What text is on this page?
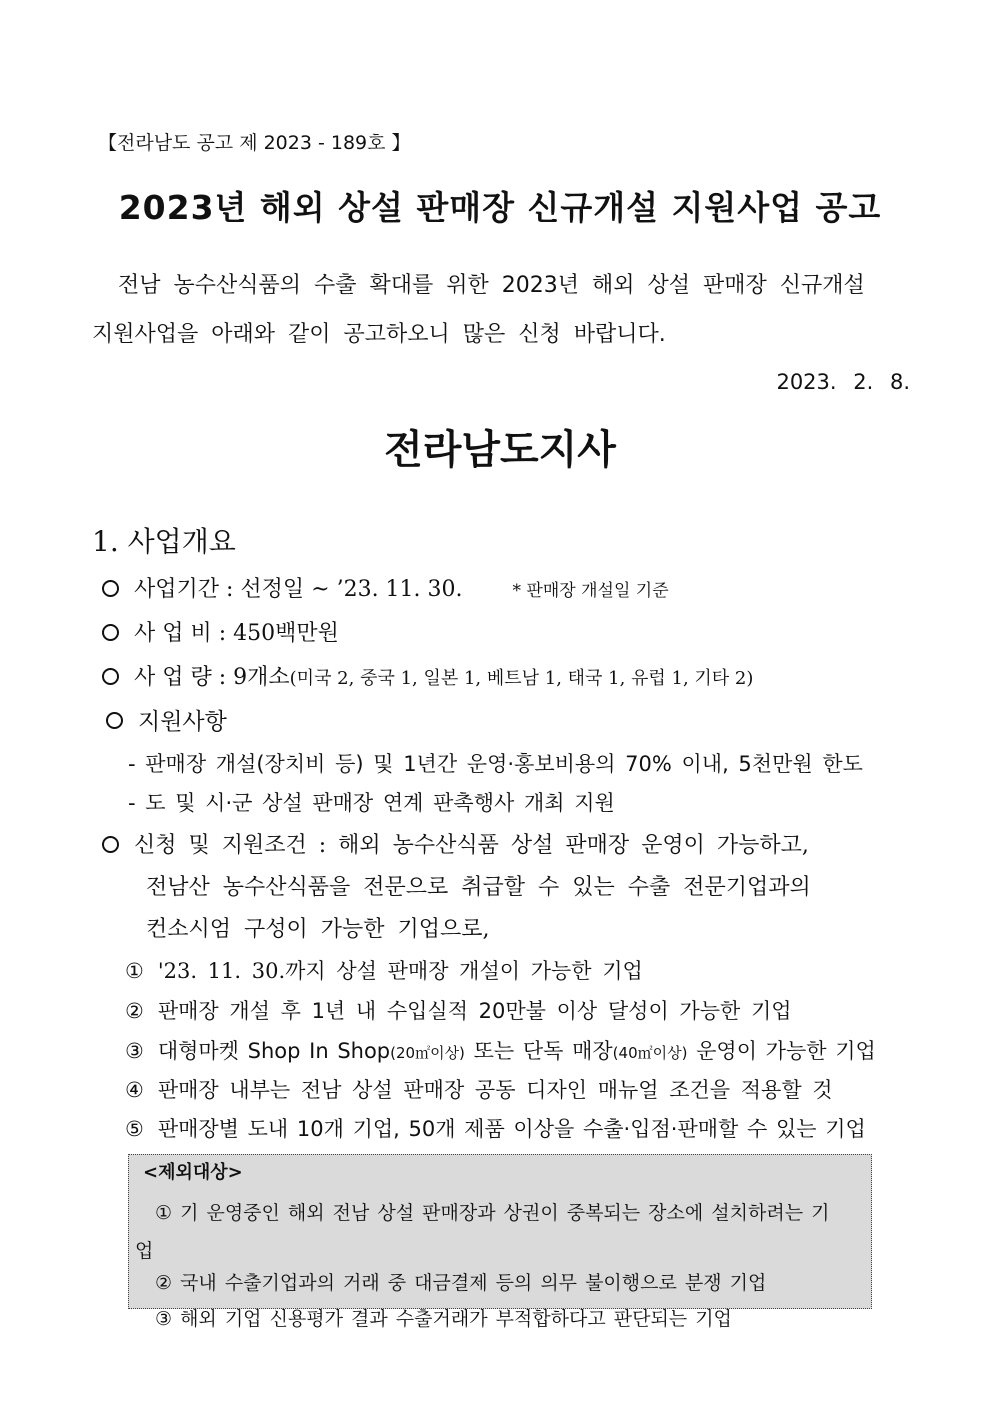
【전라남도 공고 제 2023 - 189호 】
2023년 해외 상설 판매장 신규개설 지원사업 공고
전남 농수산식품의 수출 확대를 위한 2023년 해외 상설 판매장 신규개설
지원사업을 아래와 같이 공고하오니 많은 신청 바랍니다.
2023. 2. 8.
전라남도지사
1. 사업개요
사업기간 : 선정일 ~ ’23. 11. 30.	* 판매장 개설일 기준
사 업 비 : 450백만원
사 업 량 : 9개소(미국 2, 중국 1, 일본 1, 베트남 1, 태국 1, 유럽 1, 기타 2)
지원사항
- 판매장 개설(장치비 등) 및 1년간 운영·홍보비용의 70% 이내, 5천만원 한도
- 도 및 시·군 상설 판매장 연계 판촉행사 개최 지원
신청 및 지원조건 : 해외 농수산식품 상설 판매장 운영이 가능하고,
전남산 농수산식품을 전문으로 취급할 수 있는 수출 전문기업과의
컨소시엄 구성이 가능한 기업으로,
① '23. 11. 30.까지 상설 판매장 개설이 가능한 기업
② 판매장 개설 후 1년 내 수입실적 20만불 이상 달성이 가능한 기업
③ 대형마켓 Shop In Shop(20㎡이상) 또는 단독 매장(40㎡이상) 운영이 가능한 기업
④ 판매장 내부는 전남 상설 판매장 공동 디자인 매뉴얼 조건을 적용할 것
⑤ 판매장별 도내 10개 기업, 50개 제품 이상을 수출·입점·판매할 수 있는 기업
<제외대상>
① 기 운영중인 해외 전남 상설 판매장과 상권이 중복되는 장소에 설치하려는 기
업
② 국내 수출기업과의 거래 중 대금결제 등의 의무 불이행으로 분쟁 기업
③ 해외 기업 신용평가 결과 수출거래가 부적합하다고 판단되는 기업
